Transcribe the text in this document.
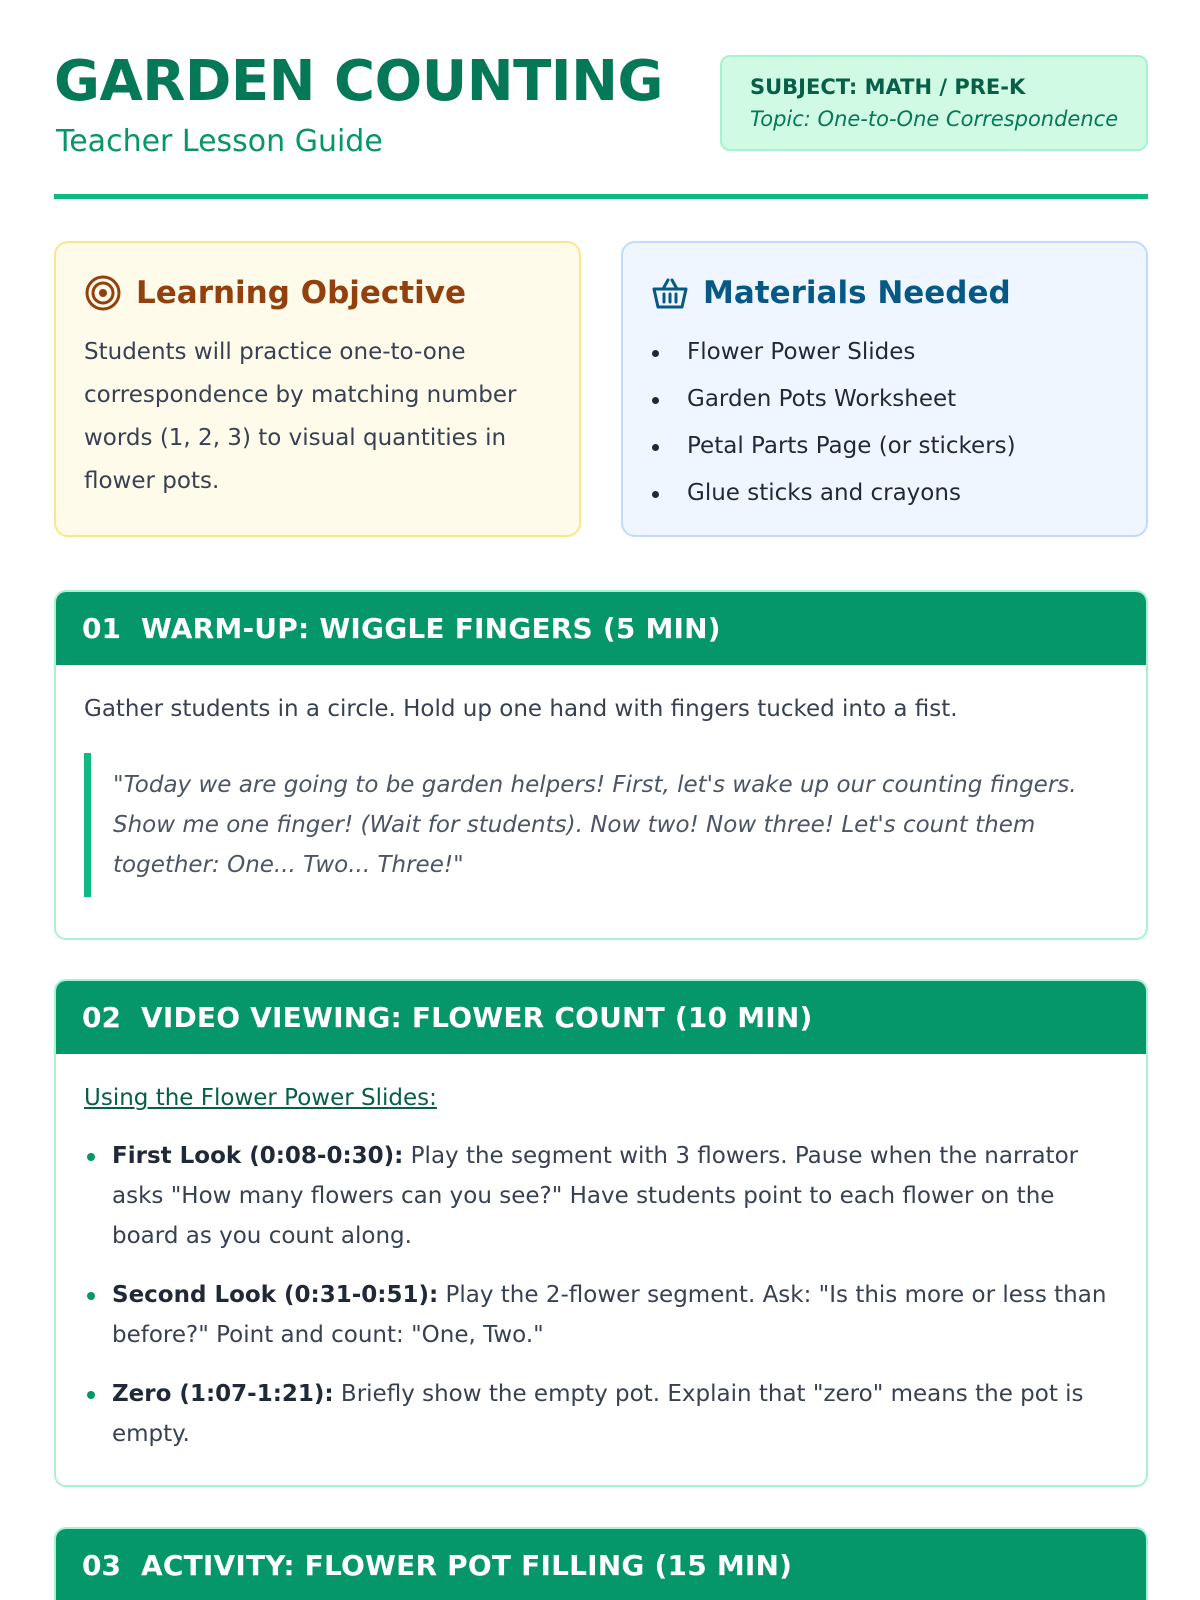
GARDEN COUNTING
Teacher Lesson Guide
SUBJECT: MATH / PRE-K
Topic: One-to-One Correspondence
Learning Objective
Students will practice one-to-one correspondence by matching number words (1, 2, 3) to visual quantities in flower pots.
Materials Needed
Flower Power Slides
Garden Pots Worksheet
Petal Parts Page (or stickers)
Glue sticks and crayons
01 WARM-UP: WIGGLE FINGERS (5 MIN)
Gather students in a circle. Hold up one hand with fingers tucked into a fist.
"Today we are going to be garden helpers! First, let's wake up our counting fingers. Show me one finger! (Wait for students). Now two! Now three! Let's count them together: One... Two... Three!"
02 VIDEO VIEWING: FLOWER COUNT (10 MIN)
Using the Flower Power Slides:
First Look (0:08-0:30): Play the segment with 3 flowers. Pause when the narrator asks "How many flowers can you see?" Have students point to each flower on the board as you count along.
Second Look (0:31-0:51): Play the 2-flower segment. Ask: "Is this more or less than before?" Point and count: "One, Two."
Zero (1:07-1:21): Briefly show the empty pot. Explain that "zero" means the pot is empty.
03 ACTIVITY: FLOWER POT FILLING (15 MIN)
